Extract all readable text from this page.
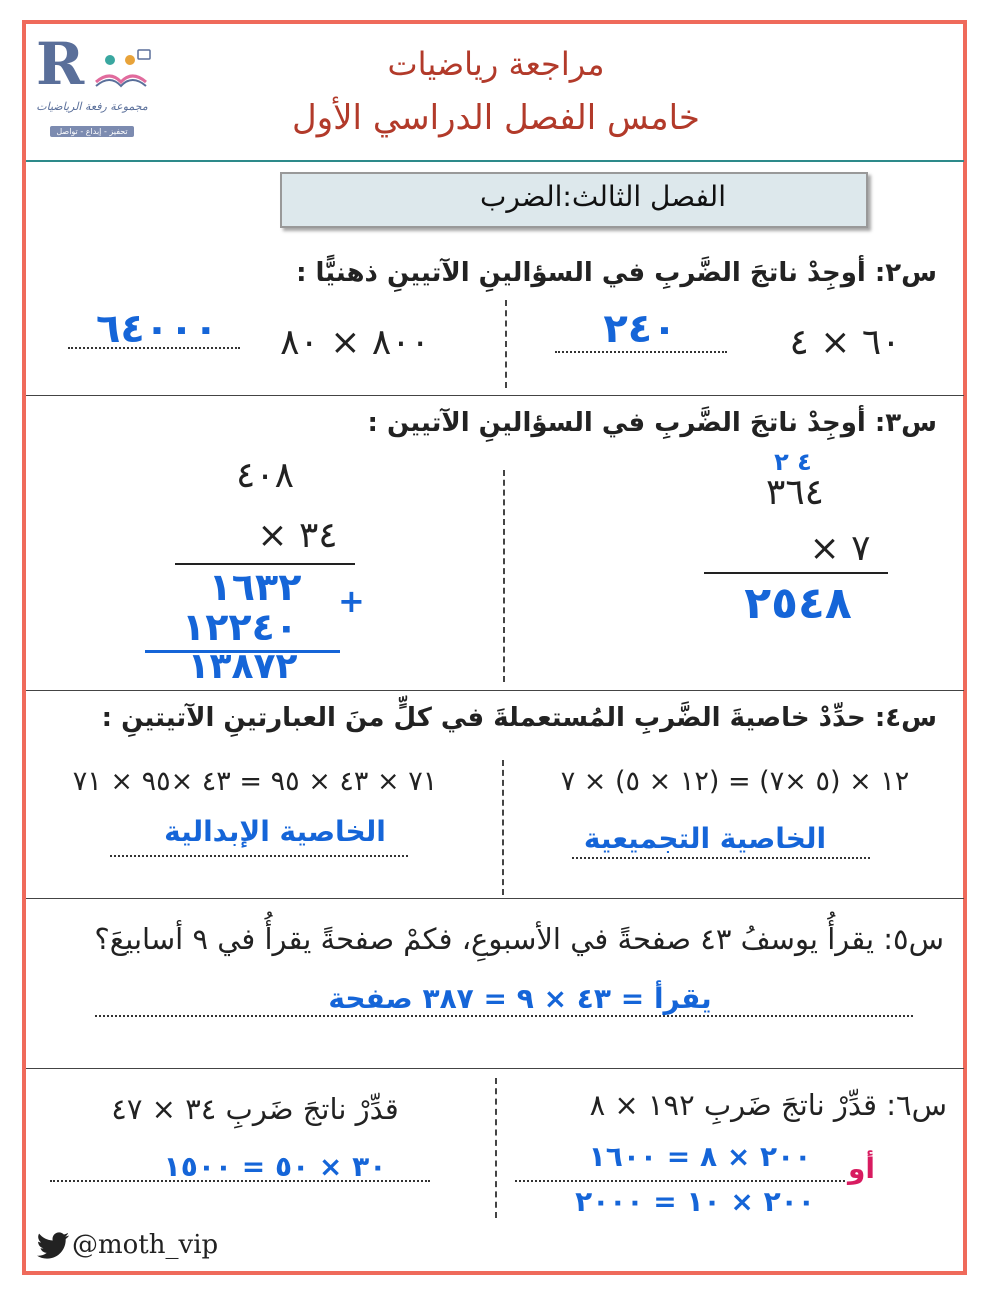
R
مجموعة رفعة الرياضيات
تحفيز - إبداع - تواصل
مراجعة رياضيات
خامس الفصل الدراسي الأول
الفصل الثالث:الضرب
س٢: أوجِدْ ناتجَ الضَّربِ في السؤالينِ الآتيينِ ذهنيًّا :
٦٠ × ٤
٢٤٠
٨٠٠ × ٨٠
٦٤٠٠٠
س٣: أوجِدْ ناتجَ الضَّربِ في السؤالينِ الآتيين :
٤ ٢
٣٦٤
٧ ×
٢٥٤٨
٤٠٨
٣٤ ×
١٦٣٢	+
١٢٢٤٠
١٣٨٧٢
س٤: حدِّدْ خاصيةَ الضَّربِ المُستعملةَ في كلٍّ منَ العبارتينِ الآتيتينِ :
١٢ × (٥ ×٧) = (١٢ × ٥) × ٧
الخاصية التجميعية
٧١ × ٤٣ × ٩٥ = ٤٣ ×٩٥ × ٧١
الخاصية الإبدالية
س٥: يقرأُ يوسفُ ٤٣ صفحةً في الأسبوعِ، فكمْ صفحةً يقرأُ في ٩ أسابيعَ؟
يقرأ = ٤٣ × ٩ = ٣٨٧ صفحة
س٦: قدِّرْ ناتجَ ضَربِ ١٩٢ × ٨
٢٠٠ × ٨ = ١٦٠٠	أو
٢٠٠ × ١٠ = ٢٠٠٠
قدِّرْ ناتجَ ضَربِ ٣٤ × ٤٧
٣٠ × ٥٠ = ١٥٠٠
@moth_vip
